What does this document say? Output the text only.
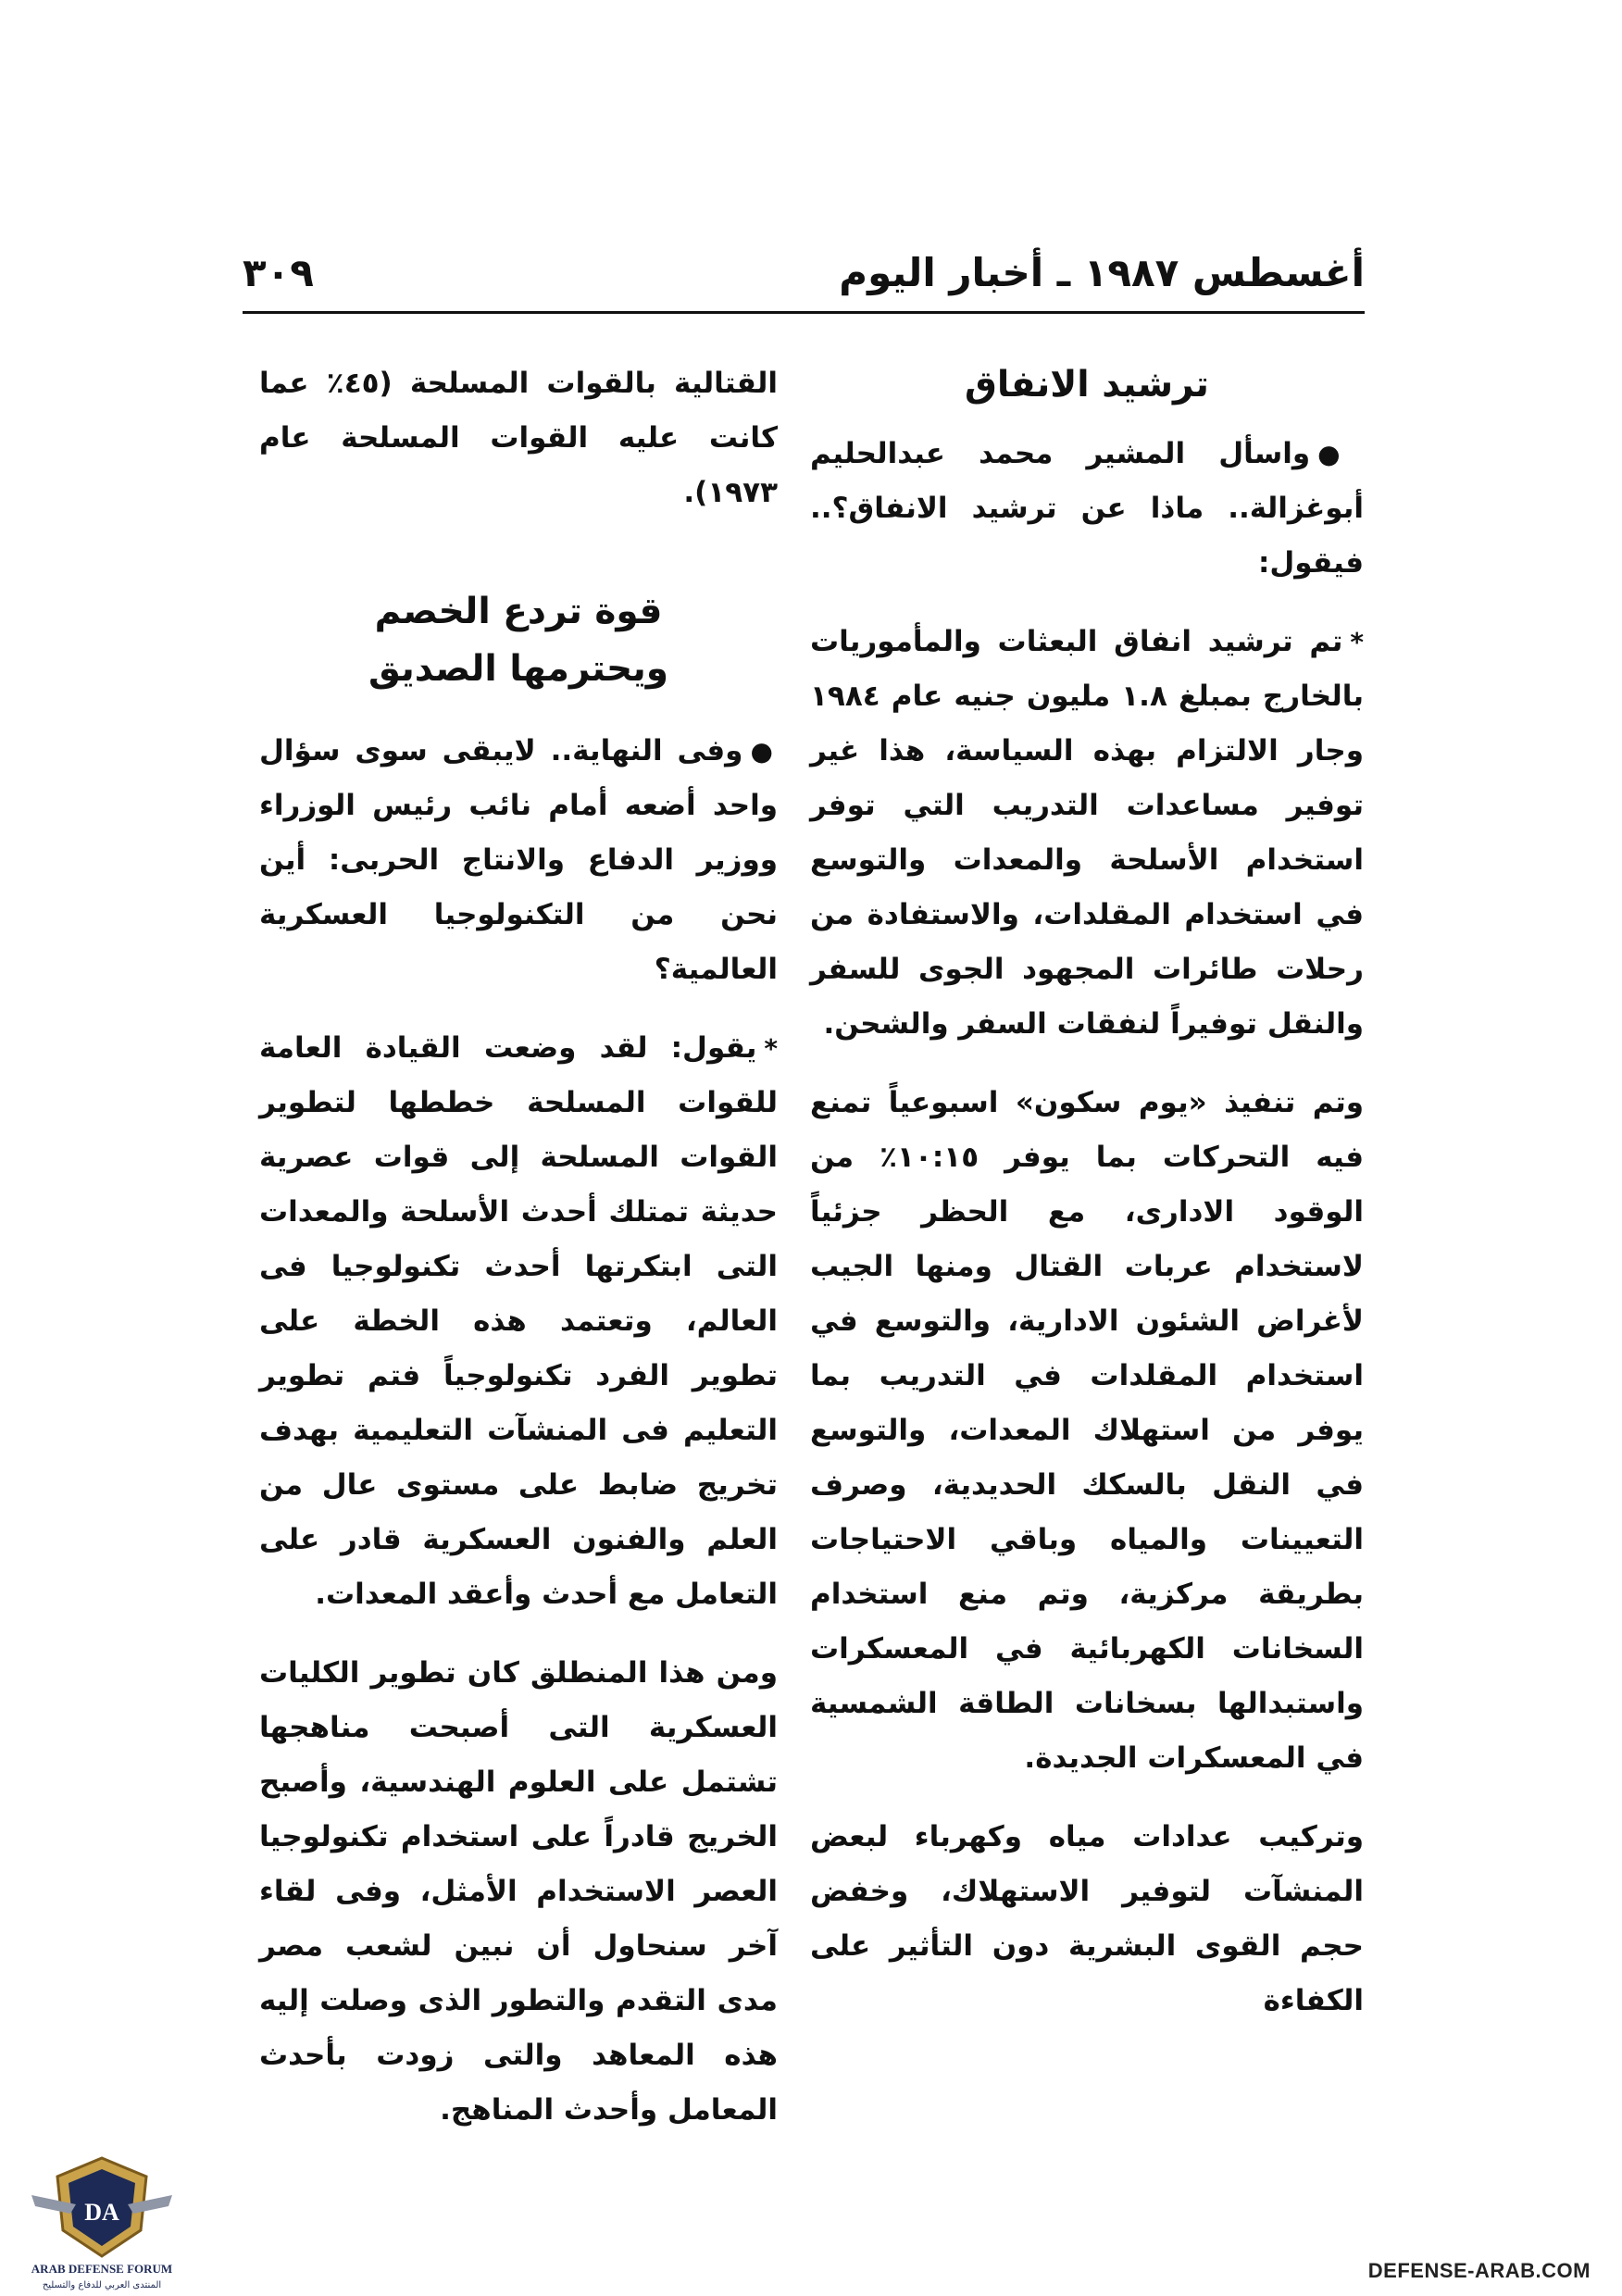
أغسطس ١٩٨٧ ـ أخبار اليوم
٣٠٩
ترشيد الانفاق

●واسأل المشير محمد عبدالحليم أبوغزالة.. ماذا عن ترشيد الانفاق؟.. فيقول:

*تم ترشيد انفاق البعثات والمأموريات بالخارج بمبلغ ١.٨ مليون جنيه عام ١٩٨٤ وجار الالتزام بهذه السياسة، هذا غير توفير مساعدات التدريب التي توفر استخدام الأسلحة والمعدات والتوسع في استخدام المقلدات، والاستفادة من رحلات طائرات المجهود الجوى للسفر والنقل توفيراً لنفقات السفر والشحن.

وتم تنفيذ «يوم سكون» اسبوعياً تمنع فيه التحركات بما يوفر ١٠:١٥٪ من الوقود الادارى، مع الحظر جزئياً لاستخدام عربات القتال ومنها الجيب لأغراض الشئون الادارية، والتوسع في استخدام المقلدات في التدريب بما يوفر من استهلاك المعدات، والتوسع في النقل بالسكك الحديدية، وصرف التعيينات والمياه وباقي الاحتياجات بطريقة مركزية، وتم منع استخدام السخانات الكهربائية في المعسكرات واستبدالها بسخانات الطاقة الشمسية في المعسكرات الجديدة.

وتركيب عدادات مياه وكهرباء لبعض المنشآت لتوفير الاستهلاك، وخفض حجم القوى البشرية دون التأثير على الكفاءة

القتالية بالقوات المسلحة (٤٥٪ عما كانت عليه القوات المسلحة عام ١٩٧٣).

قوة تردع الخصم
ويحترمها الصديق

●وفى النهاية.. لايبقى سوى سؤال واحد أضعه أمام نائب رئيس الوزراء ووزير الدفاع والانتاج الحربى: أين نحن من التكنولوجيا العسكرية العالمية؟

*يقول: لقد وضعت القيادة العامة للقوات المسلحة خططها لتطوير القوات المسلحة إلى قوات عصرية حديثة تمتلك أحدث الأسلحة والمعدات التى ابتكرتها أحدث تكنولوجيا فى العالم، وتعتمد هذه الخطة على تطوير الفرد تكنولوجياً فتم تطوير التعليم فى المنشآت التعليمية بهدف تخريج ضابط على مستوى عال من العلم والفنون العسكرية قادر على التعامل مع أحدث وأعقد المعدات.

ومن هذا المنطلق كان تطوير الكليات العسكرية التى أصبحت مناهجها تشتمل على العلوم الهندسية، وأصبح الخريج قادراً على استخدام تكنولوجيا العصر الاستخدام الأمثل، وفى لقاء آخر سنحاول أن نبين لشعب مصر مدى التقدم والتطور الذى وصلت إليه هذه المعاهد والتى زودت بأحدث المعامل وأحدث المناهج.

DA
ARAB DEFENSE FORUM
المنتدى العربي للدفاع والتسليح
DEFENSE-ARAB.COM
